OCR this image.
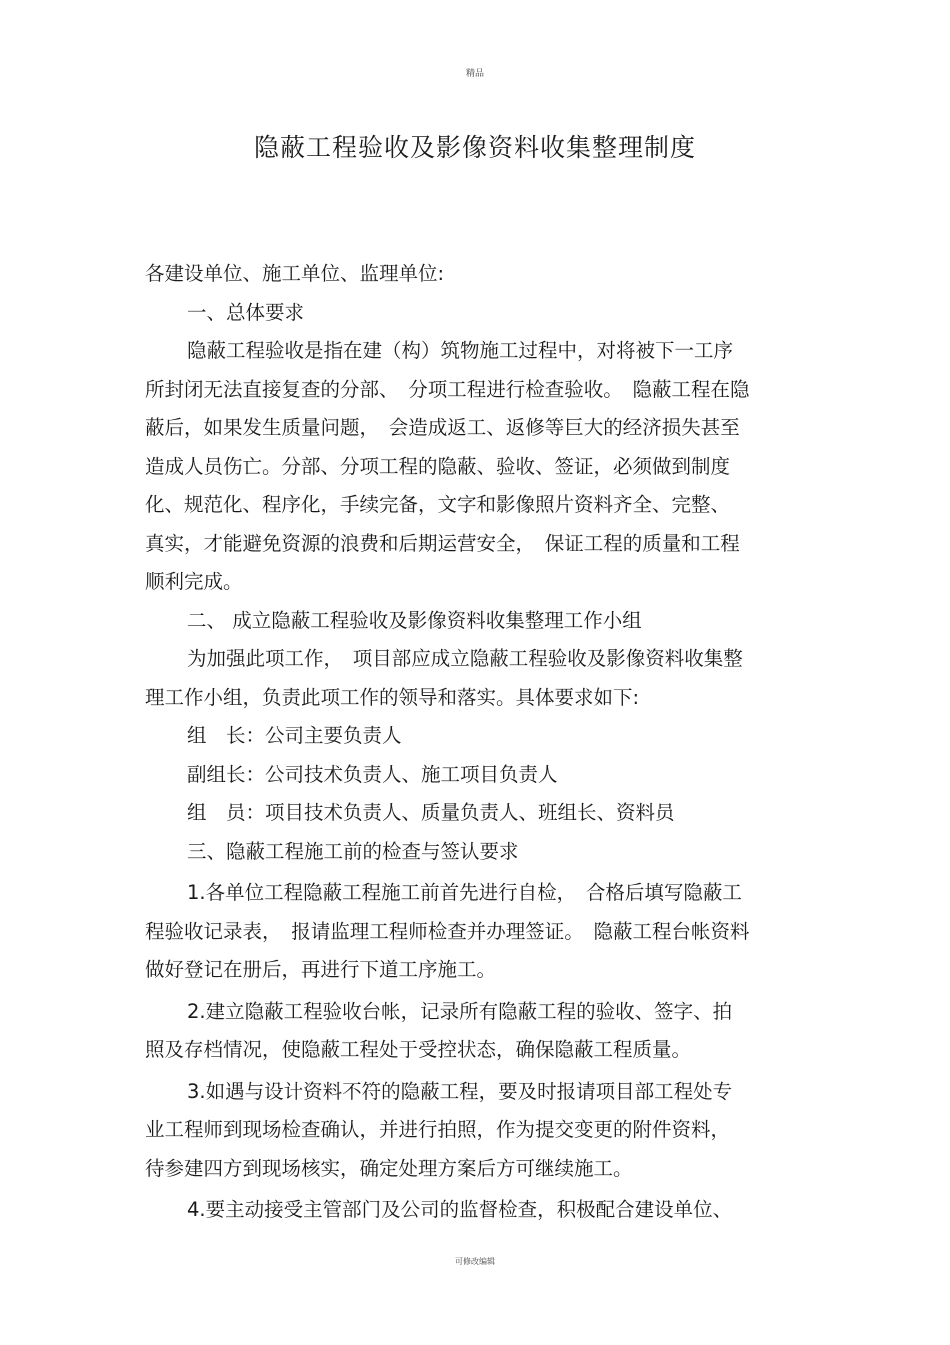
精品
隐蔽工程验收及影像资料收集整理制度
各建设单位、施工单位、监理单位:
一、总体要求
隐蔽工程验收是指在建（构）筑物施工过程中，对将被下一工序
所封闭无法直接复查的分部、　分项工程进行检查验收。　隐蔽工程在隐
蔽后，如果发生质量问题，　会造成返工、返修等巨大的经济损失甚至
造成人员伤亡。分部、分项工程的隐蔽、验收、签证，必须做到制度
化、规范化、程序化，手续完备，文字和影像照片资料齐全、完整、
真实，才能避免资源的浪费和后期运营安全，　保证工程的质量和工程
顺利完成。
二、 成立隐蔽工程验收及影像资料收集整理工作小组
为加强此项工作，　项目部应成立隐蔽工程验收及影像资料收集整
理工作小组，负责此项工作的领导和落实。具体要求如下:
组　长：公司主要负责人
副组长：公司技术负责人、施工项目负责人
组　员：项目技术负责人、质量负责人、班组长、资料员
三、隐蔽工程施工前的检查与签认要求
1.各单位工程隐蔽工程施工前首先进行自检，　合格后填写隐蔽工
程验收记录表，　报请监理工程师检查并办理签证。　隐蔽工程台帐资料
做好登记在册后，再进行下道工序施工。
2.建立隐蔽工程验收台帐，记录所有隐蔽工程的验收、签字、拍
照及存档情况，使隐蔽工程处于受控状态，确保隐蔽工程质量。
3.如遇与设计资料不符的隐蔽工程，要及时报请项目部工程处专
业工程师到现场检查确认，并进行拍照，作为提交变更的附件资料，
待参建四方到现场核实，确定处理方案后方可继续施工。
4.要主动接受主管部门及公司的监督检查，积极配合建设单位、
可修改编辑
